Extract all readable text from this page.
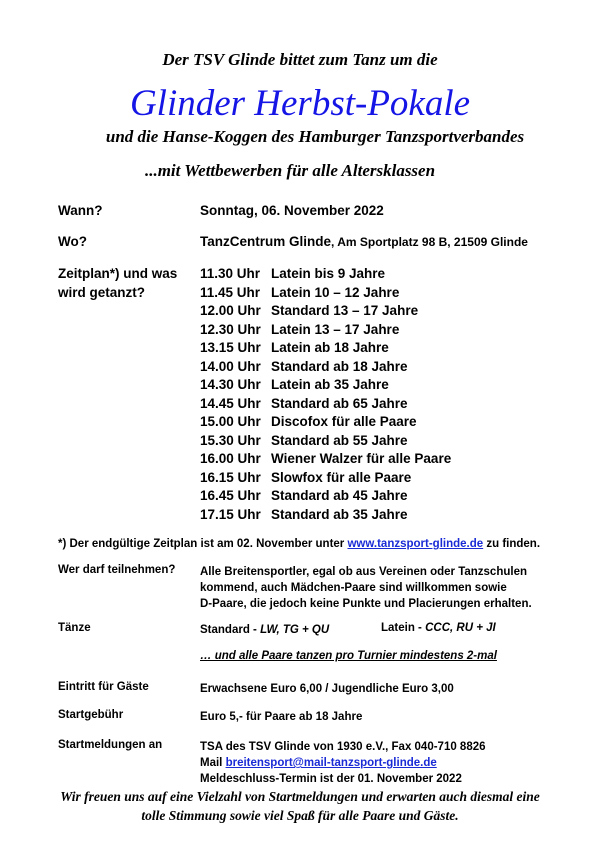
Der TSV Glinde bittet zum Tanz um die
Glinder Herbst-Pokale
und die Hanse-Koggen des Hamburger Tanzsportverbandes
...mit Wettbewerben für alle Altersklassen
Wann?	Sonntag, 06. November 2022
Wo?	TanzCentrum Glinde, Am Sportplatz 98 B, 21509 Glinde
Zeitplan*) und was wird getanzt?
11.30 Uhr Latein bis 9 Jahre
11.45 Uhr Latein 10 – 12 Jahre
12.00 Uhr Standard 13 – 17 Jahre
12.30 Uhr Latein 13 – 17 Jahre
13.15 Uhr Latein ab 18 Jahre
14.00 Uhr Standard ab 18 Jahre
14.30 Uhr Latein ab 35 Jahre
14.45 Uhr Standard ab 65 Jahre
15.00 Uhr Discofox für alle Paare
15.30 Uhr Standard ab 55 Jahre
16.00 Uhr Wiener Walzer für alle Paare
16.15 Uhr Slowfox für alle Paare
16.45 Uhr Standard ab 45 Jahre
17.15 Uhr Standard ab 35 Jahre
*) Der endgültige Zeitplan ist am 02. November unter www.tanzsport-glinde.de zu finden.
Wer darf teilnehmen? Alle Breitensportler, egal ob aus Vereinen oder Tanzschulen
kommend, auch Mädchen-Paare sind willkommen sowie
D-Paare, die jedoch keine Punkte und Placierungen erhalten.
Tänze	Standard - LW, TG + QU	Latein - CCC, RU + JI
… und alle Paare tanzen pro Turnier mindestens 2-mal
Eintritt für Gäste	Erwachsene Euro 6,00 / Jugendliche Euro 3,00
Startgebühr	Euro 5,- für Paare ab 18 Jahre
Startmeldungen an	TSA des TSV Glinde von 1930 e.V., Fax 040-710 8826
Mail breitensport@mail-tanzsport-glinde.de
Meldeschluss-Termin ist der 01. November 2022
Wir freuen uns auf eine Vielzahl von Startmeldungen und erwarten auch diesmal eine
tolle Stimmung sowie viel Spaß für alle Paare und Gäste.
